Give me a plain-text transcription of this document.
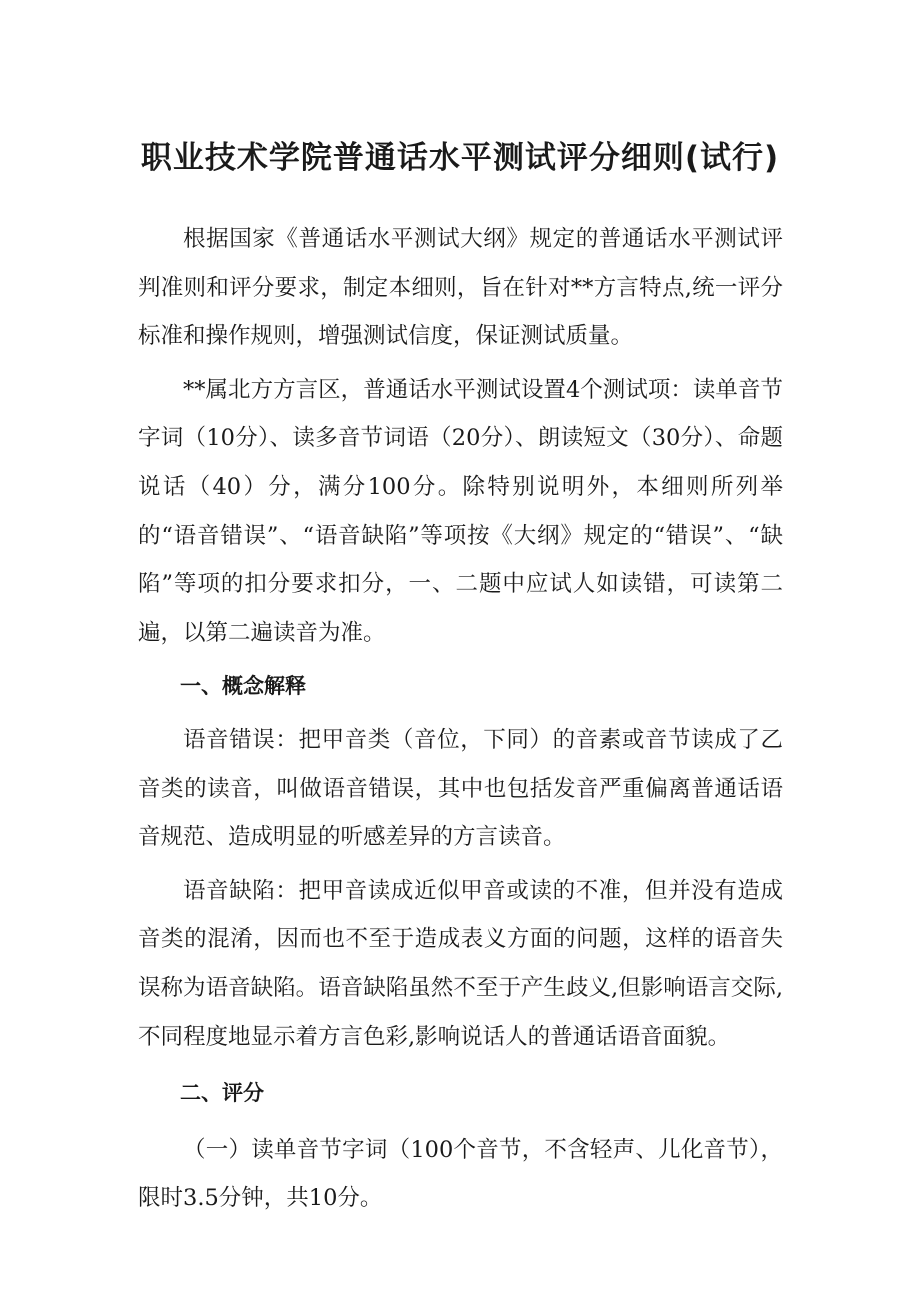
职业技术学院普通话水平测试评分细则(试行)

根据国家《普通话水平测试大纲》规定的普通话水平测试评判准则和评分要求，制定本细则，旨在针对**方言特点,统一评分标准和操作规则，增强测试信度，保证测试质量。

**属北方方言区，普通话水平测试设置4个测试项：读单音节字词（10分）、读多音节词语（20分）、朗读短文（30分）、命题说话（40）分，满分100分。除特别说明外，本细则所列举的“语音错误”、“语音缺陷”等项按《大纲》规定的“错误”、“缺陷”等项的扣分要求扣分，一、二题中应试人如读错，可读第二遍，以第二遍读音为准。

一、概念解释

语音错误：把甲音类（音位，下同）的音素或音节读成了乙音类的读音，叫做语音错误，其中也包括发音严重偏离普通话语音规范、造成明显的听感差异的方言读音。

语音缺陷：把甲音读成近似甲音或读的不准，但并没有造成音类的混淆，因而也不至于造成表义方面的问题，这样的语音失误称为语音缺陷。语音缺陷虽然不至于产生歧义,但影响语言交际,不同程度地显示着方言色彩,影响说话人的普通话语音面貌。

二、评分

（一）读单音节字词（100个音节，不含轻声、儿化音节），限时3.5分钟，共10分。
